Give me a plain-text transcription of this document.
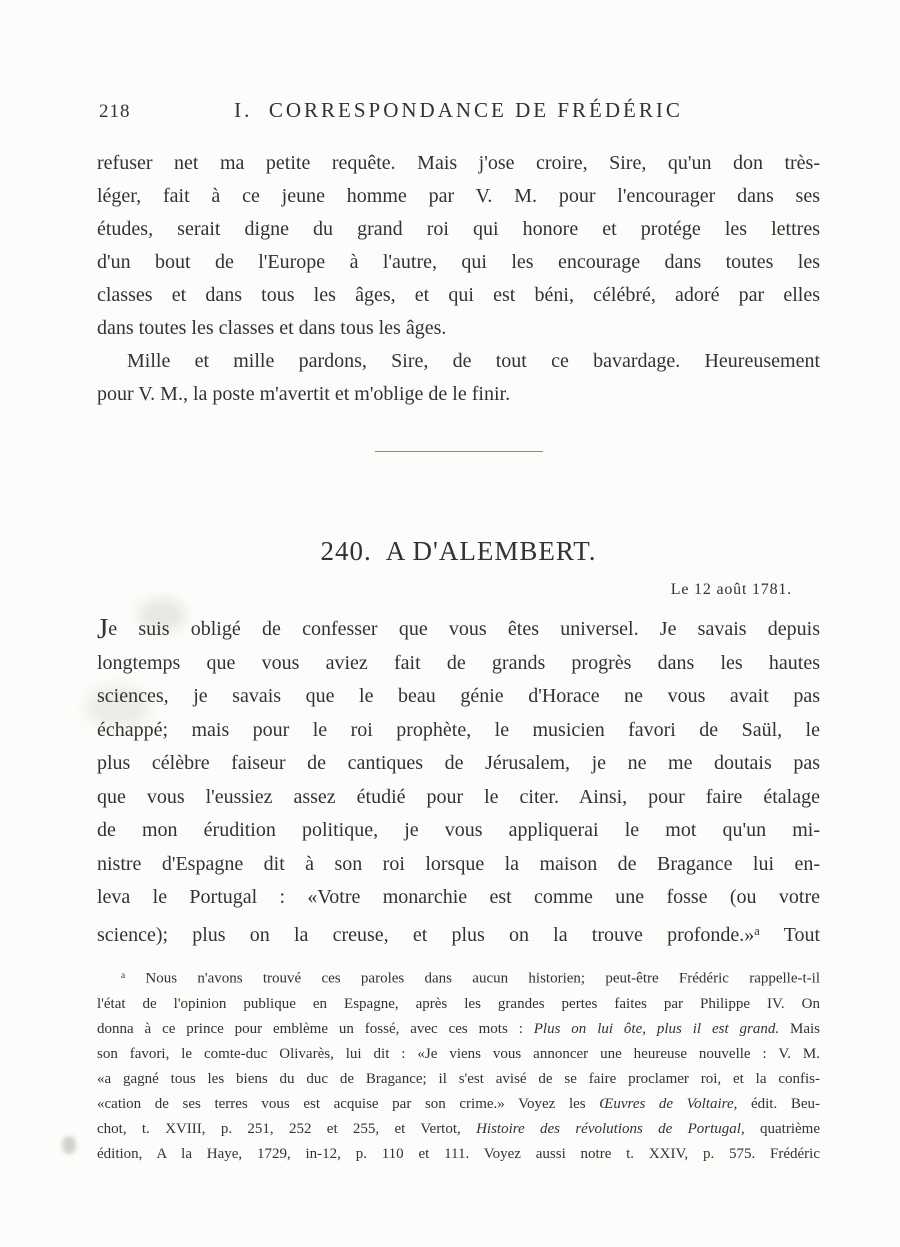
218	I.  CORRESPONDANCE DE FRÉDÉRIC
refuser net ma petite requête. Mais j'ose croire, Sire, qu'un don très-
léger, fait à ce jeune homme par V. M. pour l'encourager dans ses
études, serait digne du grand roi qui honore et protége les lettres
d'un bout de l'Europe à l'autre, qui les encourage dans toutes les
classes et dans tous les âges, et qui est béni, célébré, adoré par elles
dans toutes les classes et dans tous les âges.
Mille et mille pardons, Sire, de tout ce bavardage. Heureusement
pour V. M., la poste m'avertit et m'oblige de le finir.
240.  A D'ALEMBERT.
Le 12 août 1781.
Je suis obligé de confesser que vous êtes universel. Je savais depuis
longtemps que vous aviez fait de grands progrès dans les hautes
sciences, je savais que le beau génie d'Horace ne vous avait pas
échappé; mais pour le roi prophète, le musicien favori de Saül, le
plus célèbre faiseur de cantiques de Jérusalem, je ne me doutais pas
que vous l'eussiez assez étudié pour le citer. Ainsi, pour faire étalage
de mon érudition politique, je vous appliquerai le mot qu'un mi-
nistre d'Espagne dit à son roi lorsque la maison de Bragance lui en-
leva le Portugal : «Votre monarchie est comme une fosse (ou votre
science); plus on la creuse, et plus on la trouve profonde.»$^a$ Tout
$^a$ Nous n'avons trouvé ces paroles dans aucun historien; peut-être Frédéric rappelle-t-il
l'état de l'opinion publique en Espagne, après les grandes pertes faites par Philippe IV. On
donna à ce prince pour emblème un fossé, avec ces mots : Plus on lui ôte, plus il est grand. Mais
son favori, le comte-duc Olivarès, lui dit : «Je viens vous annoncer une heureuse nouvelle : V. M.
«a gagné tous les biens du duc de Bragance; il s'est avisé de se faire proclamer roi, et la confis-
«cation de ses terres vous est acquise par son crime.» Voyez les Œuvres de Voltaire, édit. Beu-
chot, t. XVIII, p. 251, 252 et 255, et Vertot, Histoire des révolutions de Portugal, quatrième
édition, A la Haye, 1729, in-12, p. 110 et 111. Voyez aussi notre t. XXIV, p. 575. Frédéric
